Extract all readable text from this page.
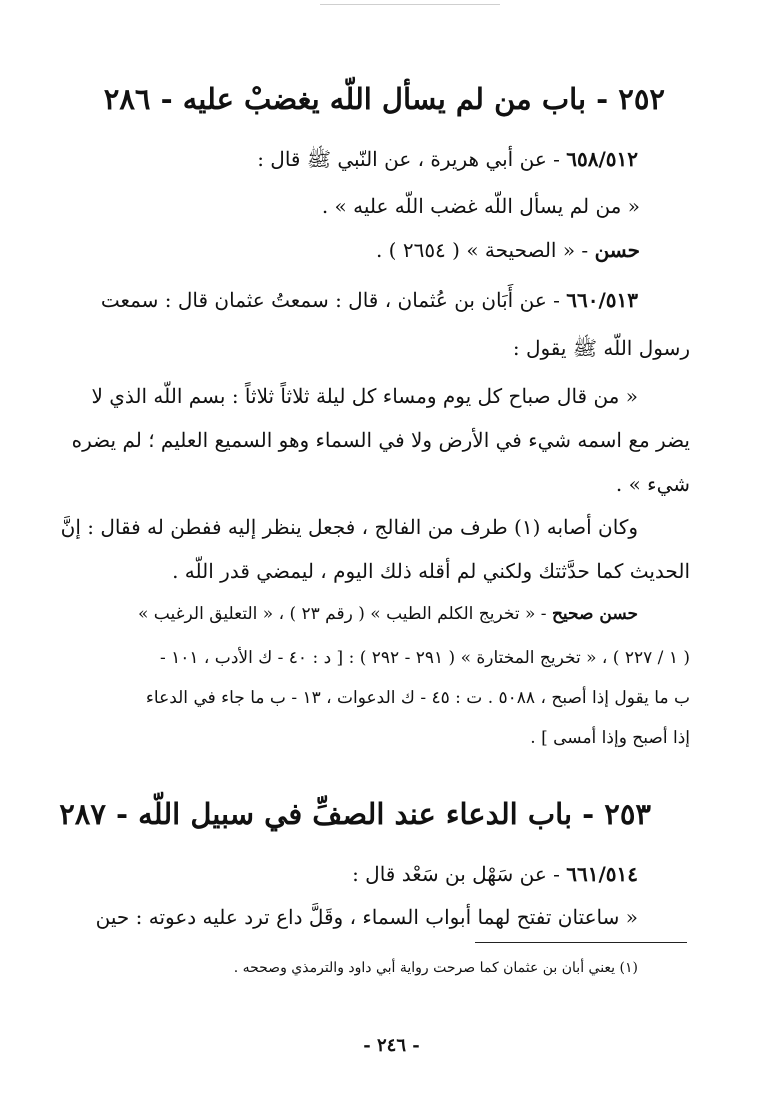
٢٥٢ - باب من لم يسأل اللّه يغضبْ عليه - ٢٨٦
٦٥٨/٥١٢ - عن أبي هريرة ، عن النّبي ﷺ قال :
« من لم يسأل اللّه غضب اللّه عليه » .
حسن - « الصحيحة » ( ٢٦٥٤ ) .
٦٦٠/٥١٣ - عن أَبَان بن عُثمان ، قال : سمعتُ عثمان قال : سمعت
رسول اللّه ﷺ يقول :
« من قال صباح كل يوم ومساء كل ليلة ثلاثاً ثلاثاً : بسم اللّه الذي لا
يضر مع اسمه شيء في الأرض ولا في السماء وهو السميع العليم ؛ لم يضره
شيء » .
وكان أصابه (١) طرف من الفالج ، فجعل ينظر إليه ففطن له فقال : إنَّ
الحديث كما حدَّثتك ولكني لم أقله ذلك اليوم ، ليمضي قدر اللّه .
حسن صحيح - « تخريج الكلم الطيب » ( رقم ٢٣ ) ، « التعليق الرغيب »
( ١ / ٢٢٧ ) ، « تخريج المختارة » ( ٢٩١ - ٢٩٢ ) : [ د : ٤٠ - ك الأدب ، ١٠١ -
ب ما يقول إذا أصبح ، ٥٠٨٨ . ت : ٤٥ - ك الدعوات ، ١٣ - ب ما جاء في الدعاء
إذا أصبح وإذا أمسى ] .
٢٥٣ - باب الدعاء عند الصفِّ في سبيل اللّه - ٢٨٧
٦٦١/٥١٤ - عن سَهْل بن سَعْد قال :
« ساعتان تفتح لهما أبواب السماء ، وقَلَّ داع ترد عليه دعوته : حين
(١) يعني أبان بن عثمان كما صرحت رواية أبي داود والترمذي وصححه .
- ٢٤٦ -
